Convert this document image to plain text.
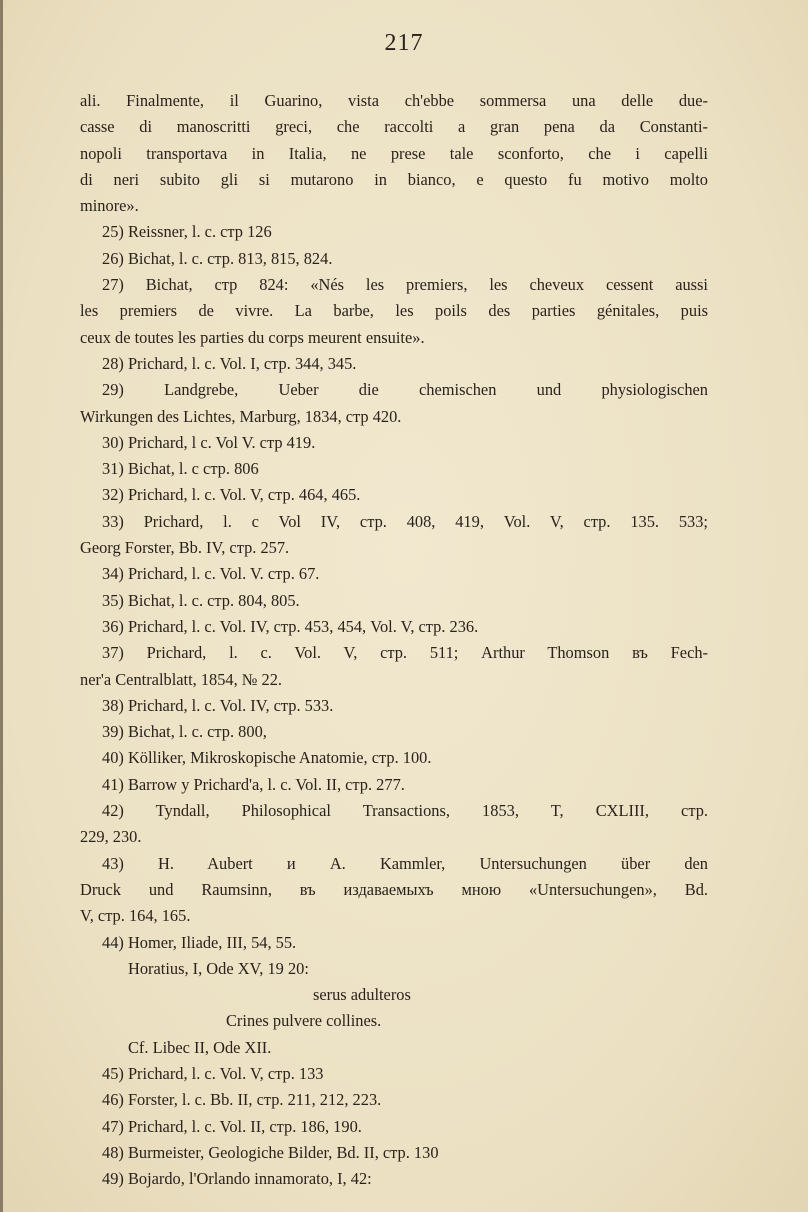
217
ali. Finalmente, il Guarino, vista ch'ebbe sommersa una delle due-
casse di manoscritti greci, che raccolti a gran pena da Constanti-
nopoli transportava in Italia, ne prese tale sconforto, che i capelli
di neri subito gli si mutarono in bianco, e questo fu motivo molto
minore».
25) Reissner, l. c. стр 126
26) Bichat, l. c. стр. 813, 815, 824.
27) Bichat, стр 824: «Nés les premiers, les cheveux cessent aussi
les premiers de vivre. La barbe, les poils des parties génitales, puis
ceux de toutes les parties du corps meurent ensuite».
28) Prichard, l. c. Vol. I, стр. 344, 345.
29) Landgrebe, Ueber die chemischen und physiologischen
Wirkungen des Lichtes, Marburg, 1834, стр 420.
30) Prichard, l c. Vol V. стр 419.
31) Bichat, l. c стр. 806
32) Prichard, l. c. Vol. V, стр. 464, 465.
33) Prichard, l. c Vol IV, стр. 408, 419, Vol. V, стр. 135. 533;
Georg Forster, Bb. IV, стр. 257.
34) Prichard, l. c. Vol. V. стр. 67.
35) Bichat, l. c. стр. 804, 805.
36) Prichard, l. c. Vol. IV, стр. 453, 454, Vol. V, стр. 236.
37) Prichard, l. c. Vol. V, стр. 511; Arthur Thomson въ Fech-
ner'a Centralblatt, 1854, № 22.
38) Prichard, l. c. Vol. IV, стр. 533.
39) Bichat, l. c. стр. 800,
40) Kölliker, Mikroskopische Anatomie, стр. 100.
41) Barrow y Prichard'a, l. c. Vol. II, стр. 277.
42) Tyndall, Philosophical Transactions, 1853, T, CXLIII, стр.
229, 230.
43) H. Aubert и A. Kammler, Untersuchungen über den
Druck und Raumsinn, въ издаваемыхъ мною «Untersuchungen», Bd.
V, стр. 164, 165.
44) Homer, Iliade, III, 54, 55.
Horatius, I, Ode XV, 19 20:
serus adulteros
Crines pulvere collines.
Cf. Libec II, Ode XII.
45) Prichard, l. c. Vol. V, стр. 133
46) Forster, l. c. Bb. II, стр. 211, 212, 223.
47) Prichard, l. c. Vol. II, стр. 186, 190.
48) Burmeister, Geologiche Bilder, Bd. II, стр. 130
49) Bojardo, l'Orlando innamorato, I, 42:
